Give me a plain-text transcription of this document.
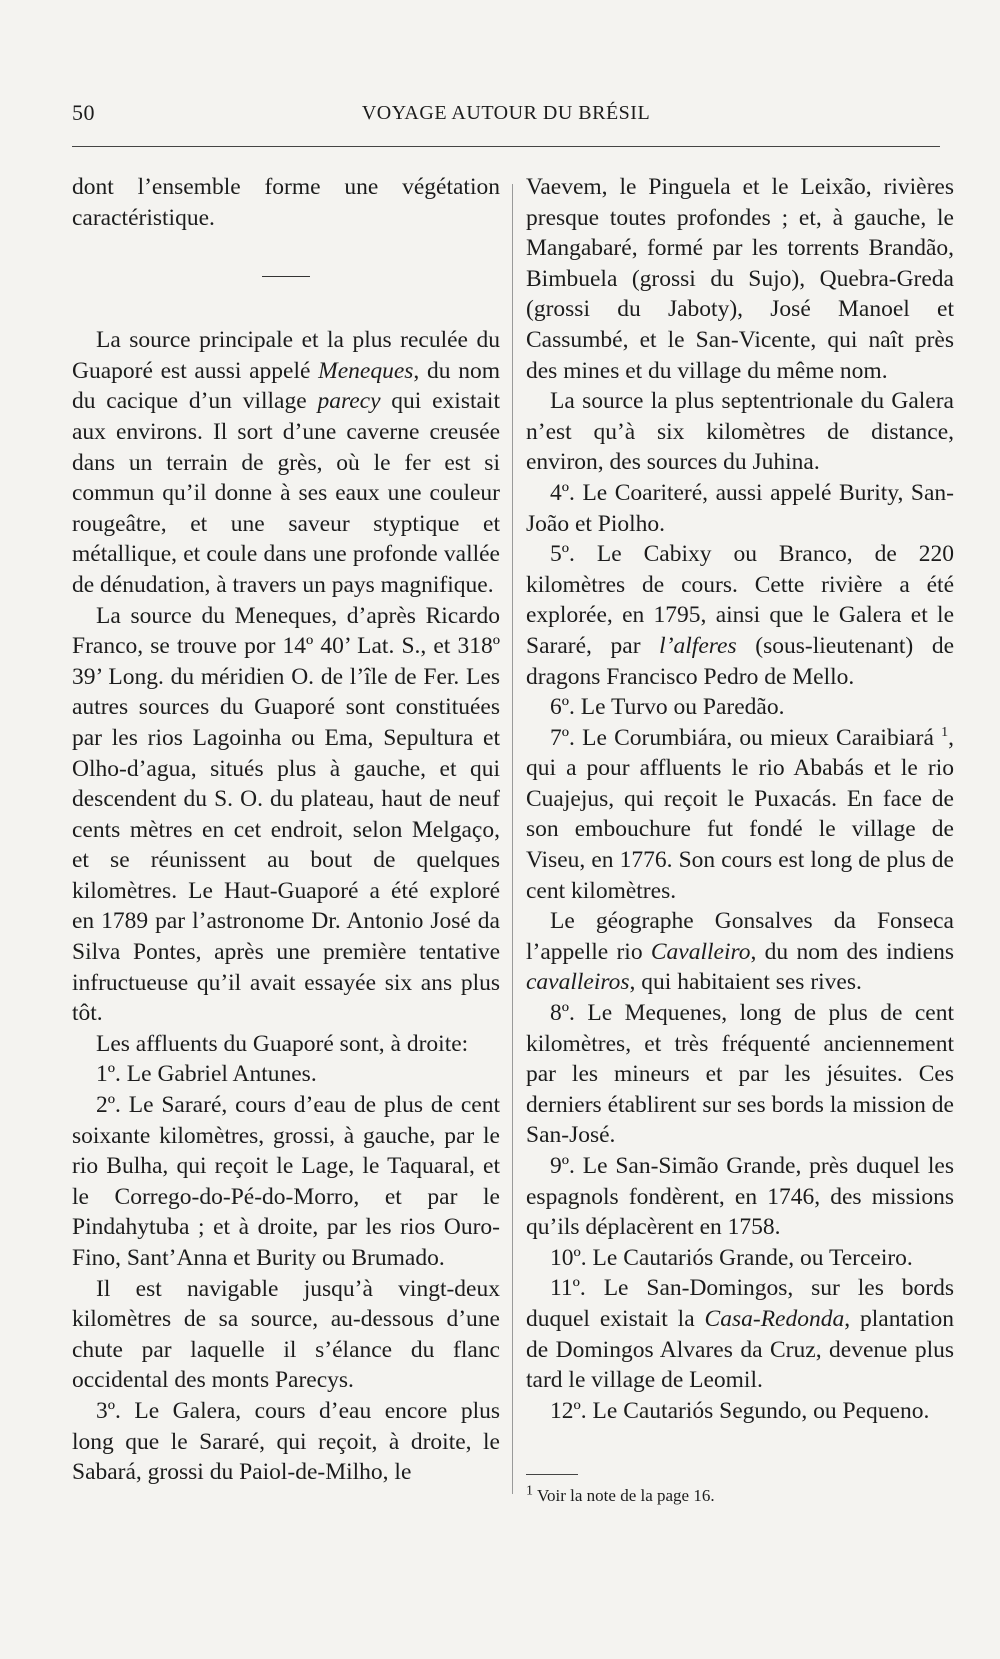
50	VOYAGE AUTOUR DU BRÉSIL

dont l’ensemble forme une végétation caractéristique.

La source principale et la plus reculée du Guaporé est aussi appelé Meneques, du nom du cacique d’un village parecy qui existait aux environs. Il sort d’une caverne creusée dans un terrain de grès, où le fer est si commun qu’il donne à ses eaux une couleur rougeâtre, et une saveur styptique et métallique, et coule dans une profonde vallée de dénudation, à travers un pays magnifique.

La source du Meneques, d’après Ricardo Franco, se trouve por 14º 40’ Lat. S., et 318º 39’ Long. du méridien O. de l’île de Fer. Les autres sources du Guaporé sont constituées par les rios Lagoinha ou Ema, Sepultura et Olho-d’agua, situés plus à gauche, et qui descendent du S. O. du plateau, haut de neuf cents mètres en cet endroit, selon Melgaço, et se réunissent au bout de quelques kilomètres. Le Haut-Guaporé a été exploré en 1789 par l’astronome Dr. Antonio José da Silva Pontes, après une première tentative infructueuse qu’il avait essayée six ans plus tôt.

Les affluents du Guaporé sont, à droite:

1º. Le Gabriel Antunes.

2º. Le Sararé, cours d’eau de plus de cent soixante kilomètres, grossi, à gauche, par le rio Bulha, qui reçoit le Lage, le Taquaral, et le Corrego-do-Pé-do-Morro, et par le Pindahytuba ; et à droite, par les rios Ouro-Fino, Sant’Anna et Burity ou Brumado.

Il est navigable jusqu’à vingt-deux kilomètres de sa source, au-dessous d’une chute par laquelle il s’élance du flanc occidental des monts Parecys.

3º. Le Galera, cours d’eau encore plus long que le Sararé, qui reçoit, à droite, le Sabará, grossi du Paiol-de-Milho, le

Vaevem, le Pinguela et le Leixão, rivières presque toutes profondes ; et, à gauche, le Mangabaré, formé par les torrents Brandão, Bimbuela (grossi du Sujo), Quebra-Greda (grossi du Jaboty), José Manoel et Cassumbé, et le San-Vicente, qui naît près des mines et du village du même nom.

La source la plus septentrionale du Galera n’est qu’à six kilomètres de distance, environ, des sources du Juhina.

4º. Le Coariteré, aussi appelé Burity, San-João et Piolho.

5º. Le Cabixy ou Branco, de 220 kilomètres de cours. Cette rivière a été explorée, en 1795, ainsi que le Galera et le Sararé, par l’alferes (sous-lieutenant) de dragons Francisco Pedro de Mello.

6º. Le Turvo ou Paredão.

7º. Le Corumbiára, ou mieux Caraibiará $^1$, qui a pour affluents le rio Ababás et le rio Cuajejus, qui reçoit le Puxacás. En face de son embouchure fut fondé le village de Viseu, en 1776. Son cours est long de plus de cent kilomètres.

Le géographe Gonsalves da Fonseca l’appelle rio Cavalleiro, du nom des indiens cavalleiros, qui habitaient ses rives.

8º. Le Mequenes, long de plus de cent kilomètres, et très fréquenté anciennement par les mineurs et par les jésuites. Ces derniers établirent sur ses bords la mission de San-José.

9º. Le San-Simão Grande, près duquel les espagnols fondèrent, en 1746, des missions qu’ils déplacèrent en 1758.

10º. Le Cautariós Grande, ou Terceiro.

11º. Le San-Domingos, sur les bords duquel existait la Casa-Redonda, plantation de Domingos Alvares da Cruz, devenue plus tard le village de Leomil.

12º. Le Cautariós Segundo, ou Pequeno.

$^1$ Voir la note de la page 16.
